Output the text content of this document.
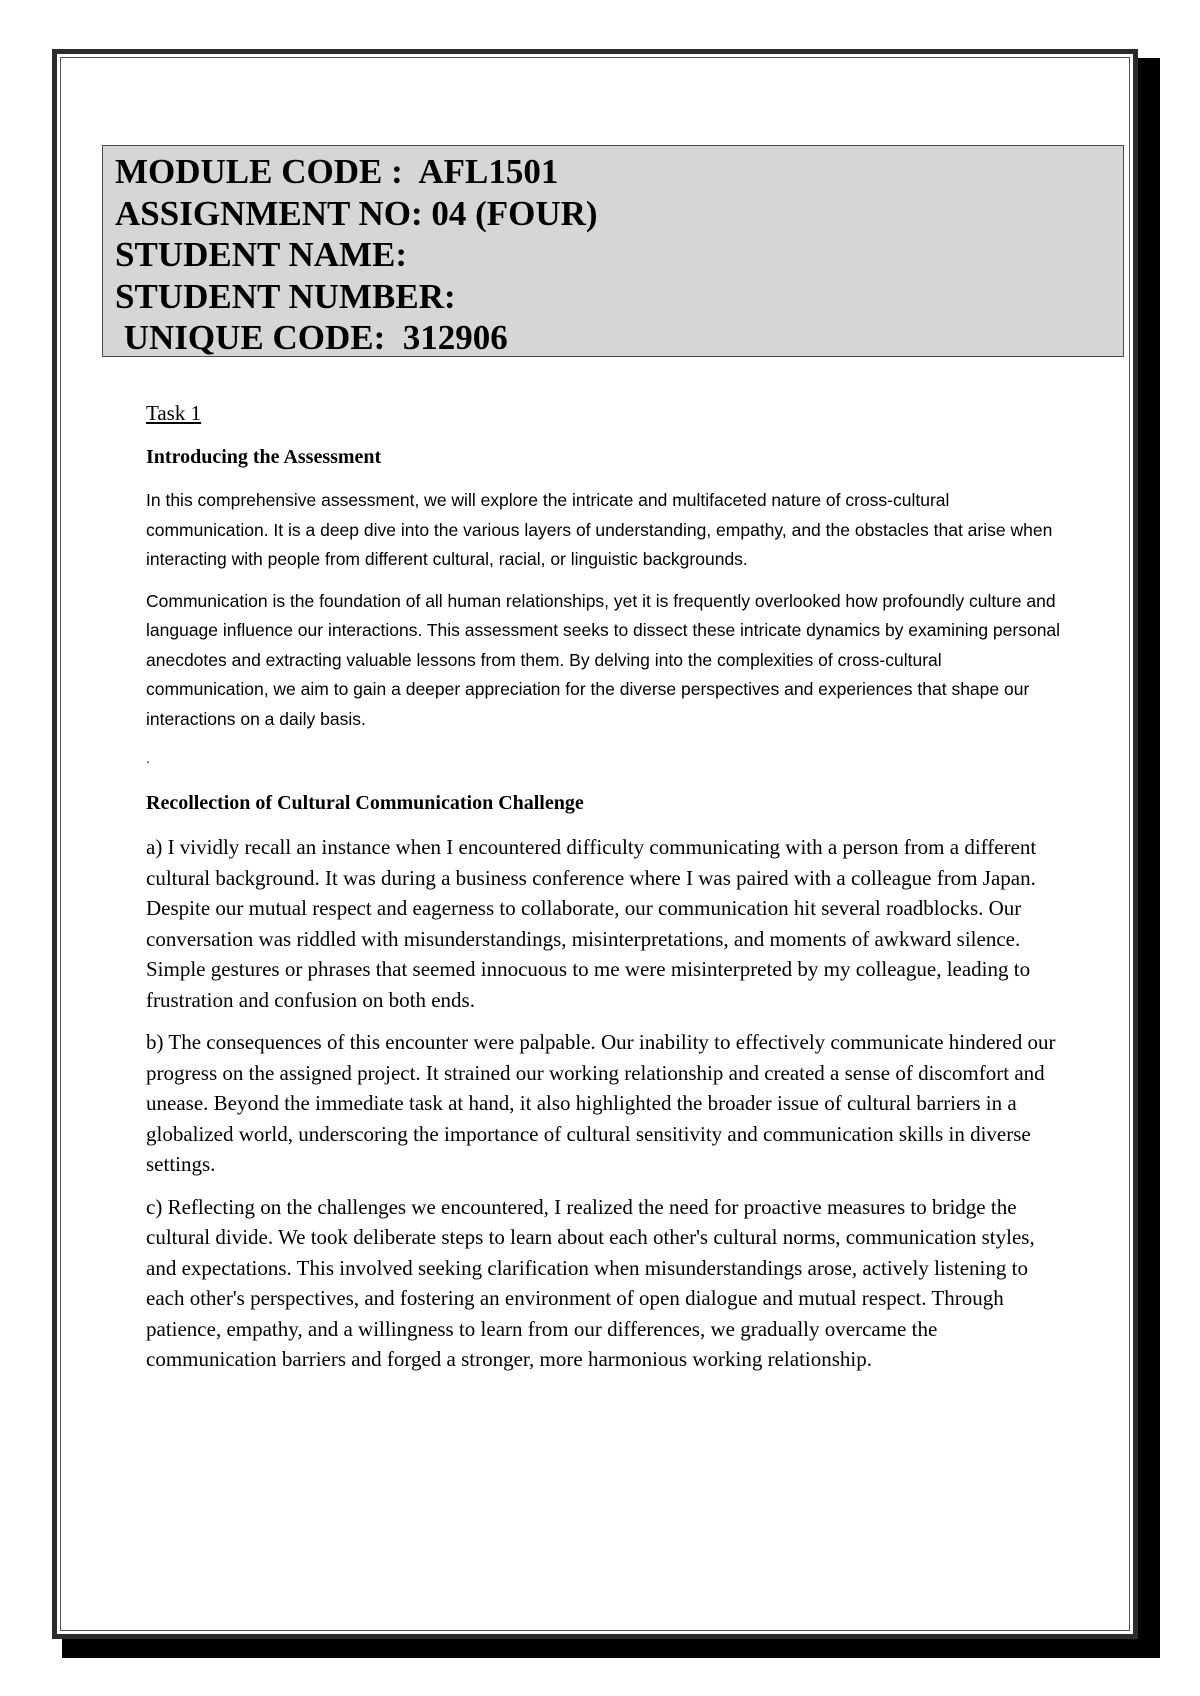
MODULE CODE :  AFL1501
ASSIGNMENT NO: 04 (FOUR)
STUDENT NAME:
STUDENT NUMBER:
UNIQUE CODE:  312906
Task 1
Introducing the Assessment

In this comprehensive assessment, we will explore the intricate and multifaceted nature of cross-cultural communication. It is a deep dive into the various layers of understanding, empathy, and the obstacles that arise when interacting with people from different cultural, racial, or linguistic backgrounds.

Communication is the foundation of all human relationships, yet it is frequently overlooked how profoundly culture and language influence our interactions. This assessment seeks to dissect these intricate dynamics by examining personal anecdotes and extracting valuable lessons from them. By delving into the complexities of cross-cultural communication, we aim to gain a deeper appreciation for the diverse perspectives and experiences that shape our interactions on a daily basis.

.
Recollection of Cultural Communication Challenge

a) I vividly recall an instance when I encountered difficulty communicating with a person from a different cultural background. It was during a business conference where I was paired with a colleague from Japan. Despite our mutual respect and eagerness to collaborate, our communication hit several roadblocks. Our conversation was riddled with misunderstandings, misinterpretations, and moments of awkward silence. Simple gestures or phrases that seemed innocuous to me were misinterpreted by my colleague, leading to frustration and confusion on both ends.

b) The consequences of this encounter were palpable. Our inability to effectively communicate hindered our progress on the assigned project. It strained our working relationship and created a sense of discomfort and unease. Beyond the immediate task at hand, it also highlighted the broader issue of cultural barriers in a globalized world, underscoring the importance of cultural sensitivity and communication skills in diverse settings.

c) Reflecting on the challenges we encountered, I realized the need for proactive measures to bridge the cultural divide. We took deliberate steps to learn about each other's cultural norms, communication styles, and expectations. This involved seeking clarification when misunderstandings arose, actively listening to each other's perspectives, and fostering an environment of open dialogue and mutual respect. Through patience, empathy, and a willingness to learn from our differences, we gradually overcame the communication barriers and forged a stronger, more harmonious working relationship.
